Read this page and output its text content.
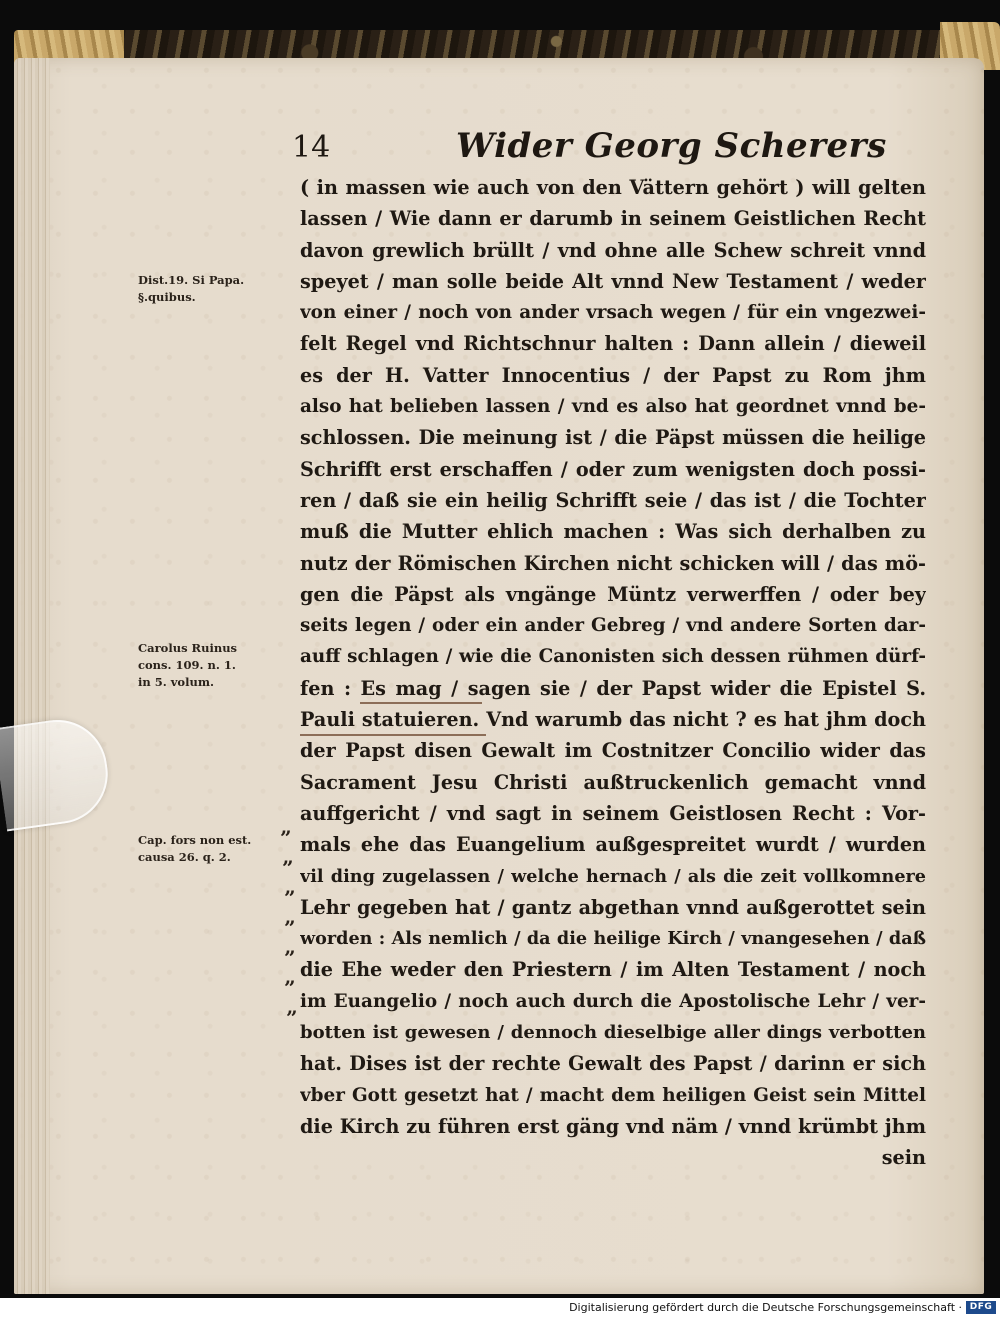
14	Wider Georg Scherers
( in massen wie auch von den Vättern gehört ) will gelten
lassen / Wie dann er darumb in seinem Geistlichen Recht
davon grewlich brüllt / vnd ohne alle Schew schreit vnnd
speyet / man solle beide Alt vnnd New Testament / weder
von einer / noch von ander vrsach wegen / für ein vngezwei-
felt Regel vnd Richtschnur halten : Dann allein / dieweil
es der H. Vatter Innocentius / der Papst zu Rom jhm
also hat belieben lassen / vnd es also hat geordnet vnnd be-
schlossen. Die meinung ist / die Päpst müssen die heilige
Schrifft erst erschaffen / oder zum wenigsten doch possi-
ren / daß sie ein heilig Schrifft seie / das ist / die Tochter
muß die Mutter ehlich machen : Was sich derhalben zu
nutz der Römischen Kirchen nicht schicken will / das mö-
gen die Päpst als vngänge Müntz verwerffen / oder bey
seits legen / oder ein ander Gebreg / vnd andere Sorten dar-
auff schlagen / wie die Canonisten sich dessen rühmen dürf-
fen : Es mag / sagen sie / der Papst wider die Epistel S.
Pauli statuieren. Vnd warumb das nicht ? es hat jhm doch
der Papst disen Gewalt im Costnitzer Concilio wider das
Sacrament Jesu Christi außtruckenlich gemacht vnnd
auffgericht / vnd sagt in seinem Geistlosen Recht : Vor-
mals ehe das Euangelium außgespreitet wurdt / wurden
vil ding zugelassen / welche hernach / als die zeit vollkomnere
Lehr gegeben hat / gantz abgethan vnnd außgerottet sein
worden : Als nemlich / da die heilige Kirch / vnangesehen / daß
die Ehe weder den Priestern / im Alten Testament / noch
im Euangelio / noch auch durch die Apostolische Lehr / ver-
botten ist gewesen / dennoch dieselbige aller dings verbotten
hat. Dises ist der rechte Gewalt des Papst / darinn er sich
vber Gott gesetzt hat / macht dem heiligen Geist sein Mittel
die Kirch zu führen erst gäng vnd näm / vnnd krümbt jhm
sein
Dist.19. Si Papa.
§.quibus.
Carolus Ruinus
cons. 109. n. 1.
in 5. volum.
Cap. fors non est.
causa 26. q. 2.
”
”
”
”
”
”
”
Digitalisierung gefördert durch die Deutsche Forschungsgemeinschaft · DFG
